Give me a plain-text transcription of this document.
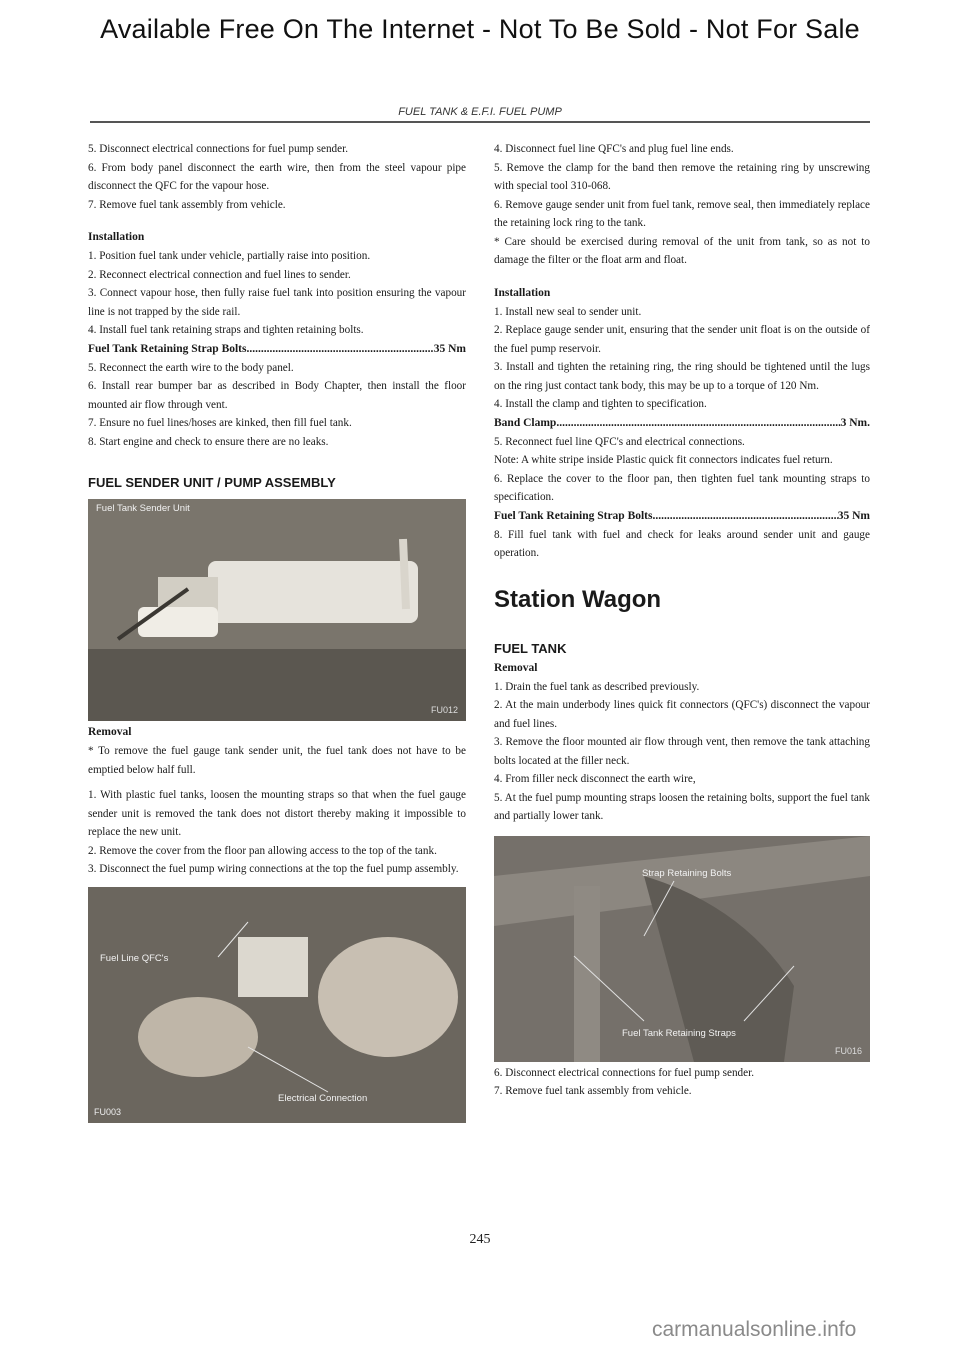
Available Free On The Internet - Not To Be Sold - Not For Sale
FUEL TANK & E.F.I. FUEL PUMP

5. Disconnect electrical connections for fuel pump sender.

6. From body panel disconnect the earth wire, then from the steel vapour pipe disconnect the QFC for the vapour hose.

7. Remove fuel tank assembly from vehicle.

Installation

1. Position fuel tank under vehicle, partially raise into position.

2. Reconnect electrical connection and fuel lines to sender.

3. Connect vapour hose, then fully raise fuel tank into position ensuring the vapour line is not trapped by the side rail.

4. Install fuel tank retaining straps and tighten retaining bolts.

Fuel Tank Retaining Strap Bolts .....	35 Nm

5. Reconnect the earth wire to the body panel.

6. Install rear bumper bar as described in Body Chapter, then install the floor mounted air flow through vent.

7. Ensure no fuel lines/hoses are kinked, then fill fuel tank.

8. Start engine and check to ensure there are no leaks.

FUEL SENDER UNIT / PUMP ASSEMBLY
Fuel Tank Sender Unit
FU012
Removal

* To remove the fuel gauge tank sender unit, the fuel tank does not have to be emptied below half full.

1. With plastic fuel tanks, loosen the mounting straps so that when the fuel gauge sender unit is removed the tank does not distort thereby making it impossible to replace the new unit.

2. Remove the cover from the floor pan allowing access to the top of the tank.

3. Disconnect the fuel pump wiring connections at the top the fuel pump assembly.

Fuel Line QFC's
Electrical Connection
FU003

4. Disconnect fuel line QFC's and plug fuel line ends.

5. Remove the clamp for the band then remove the retaining ring by unscrewing with special tool 310-068.

6. Remove gauge sender unit from fuel tank, remove seal, then immediately replace the retaining lock ring to the tank.

* Care should be exercised during removal of the unit from tank, so as not to damage the filter or the float arm and float.

Installation

1. Install new seal to sender unit.

2. Replace gauge sender unit, ensuring that the sender unit float is on the outside of the fuel pump reservoir.

3. Install and tighten the retaining ring, the ring should be tightened until the lugs on the ring just contact tank body, this may be up to a torque of 120 Nm.

4. Install the clamp and tighten to specification.

Band Clamp .....	3 Nm.

5. Reconnect fuel line QFC's and electrical connections.

Note: A white stripe inside Plastic quick fit connectors indicates fuel return.

6. Replace the cover to the floor pan, then tighten fuel tank mounting straps to specification.

Fuel Tank Retaining Strap Bolts .....	35 Nm

8. Fill fuel tank with fuel and check for leaks around sender unit and gauge operation.

Station Wagon
FUEL TANK
Removal

1. Drain the fuel tank as described previously.

2. At the main underbody lines quick fit connectors (QFC's) disconnect the vapour and fuel lines.

3. Remove the floor mounted air flow through vent, then remove the tank attaching bolts located at the filler neck.

4. From filler neck disconnect the earth wire,

5. At the fuel pump mounting straps loosen the retaining bolts, support the fuel tank and partially lower tank.

Strap Retaining Bolts
Fuel Tank Retaining Straps
FU016

6. Disconnect electrical connections for fuel pump sender.

7. Remove fuel tank assembly from vehicle.

245
carmanualsonline.info
